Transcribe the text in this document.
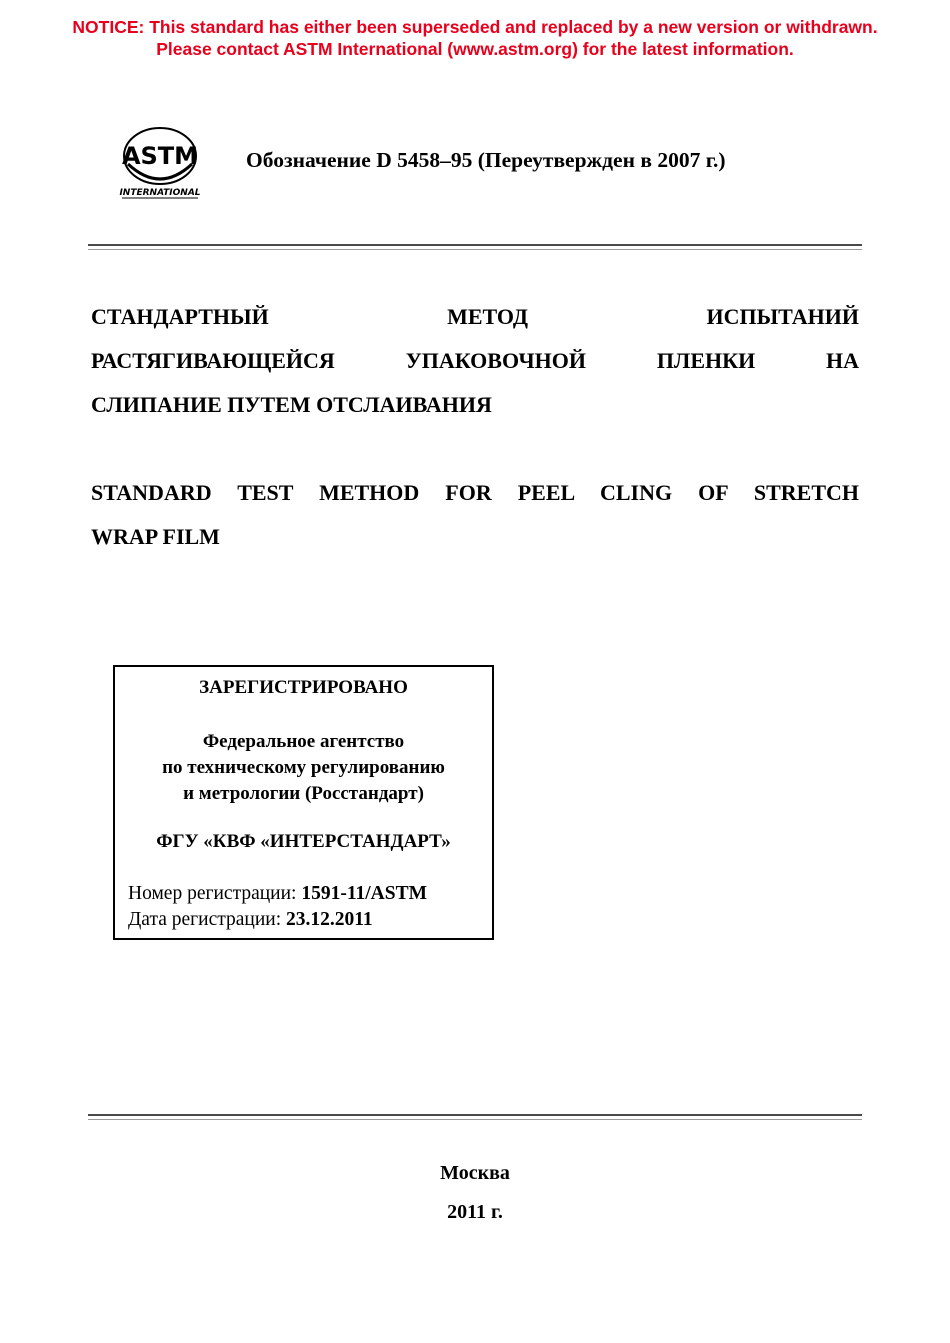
NOTICE: This standard has either been superseded and replaced by a new version or withdrawn.
Please contact ASTM International (www.astm.org) for the latest information.
ASTM
INTERNATIONAL
Обозначение D 5458–95 (Переутвержден в 2007 г.)
СТАНДАРТНЫЙ МЕТОД ИСПЫТАНИЙ
РАСТЯГИВАЮЩЕЙСЯ УПАКОВОЧНОЙ ПЛЕНКИ НА
СЛИПАНИЕ ПУТЕМ ОТСЛАИВАНИЯ
STANDARD TEST METHOD FOR PEEL CLING OF STRETCH
WRAP FILM
ЗАРЕГИСТРИРОВАНО
Федеральное агентство
по техническому регулированию
и метрологии (Росстандарт)
ФГУ «КВФ «ИНТЕРСТАНДАРТ»
Номер регистрации: 1591-11/ASTM
Дата регистрации: 23.12.2011
Москва
2011 г.
